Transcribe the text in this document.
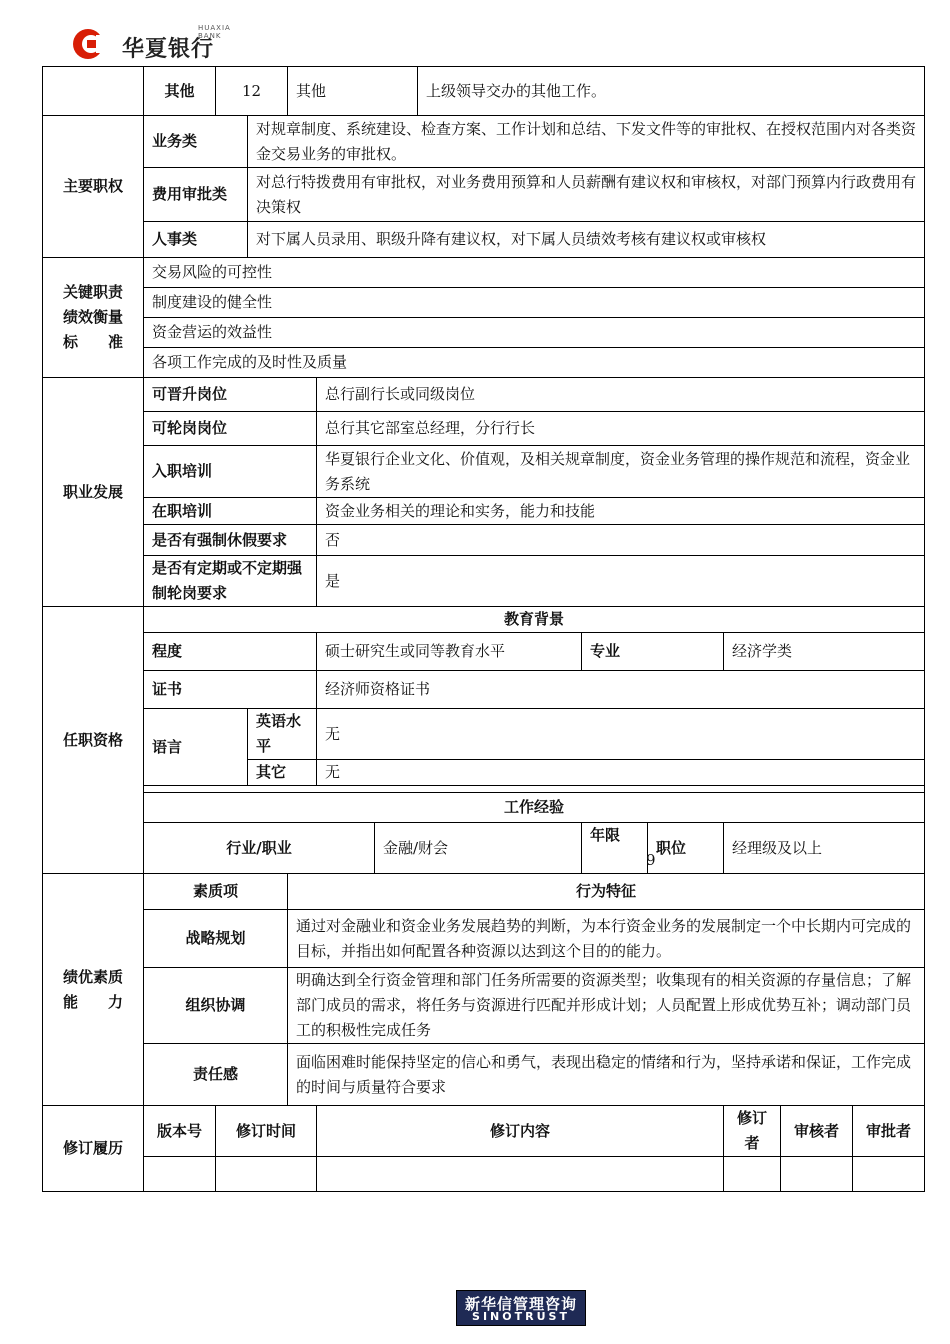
HUAXIA BANK
华夏银行
	其他	12		其他			上级领导交办的其他工作。					
主要职权	业务类		对规章制度、系统建设、检查方案、工作计划和总结、下发文件等的审批权、在授权范围内对各类资金交易业务的审批权。									
	费用审批类		对总行特拨费用有审批权，对业务费用预算和人员薪酬有建议权和审核权，对部门预算内行政费用有决策权									
	人事类		对下属人员录用、职级升降有建议权，对下属人员绩效考核有建议权或审核权									

关键职责
绩效衡量
标　　准	交易风险的可控性											
	制度建设的健全性											
	资金营运的效益性											
	各项工作完成的及时性及质量											
职业发展	可晋升岗位				总行副行长或同级岗位							
	可轮岗岗位				总行其它部室总经理，分行行长							
	入职培训				华夏银行企业文化、价值观，及相关规章制度，资金业务管理的操作规范和流程，资金业务系统							
	在职培训				资金业务相关的理论和实务，能力和技能							
	是否有强制休假要求				否							
	是否有定期或不定期强制轮岗要求				是							
任职资格	教育背景											
	程度				硕士研究生或同等教育水平			专业		经济学类		
	证书				经济师资格证书							
	语言		英语水平		无							
			其它		无							

	工作经验											
	行业/职业					金融/财会		年限 9	职位	经理级及以上		

绩优素质
能　　力	素质项			行为特征								
	战略规划			通过对金融业和资金业务发展趋势的判断，为本行资金业务的发展制定一个中长期内可完成的目标，并指出如何配置各种资源以达到这个目的的能力。								
	组织协调			明确达到全行资金管理和部门任务所需要的资源类型；收集现有的相关资源的存量信息；了解部门成员的需求，将任务与资源进行匹配并形成计划；人员配置上形成优势互补；调动部门员工的积极性完成任务								
	责任感			面临困难时能保持坚定的信心和勇气，表现出稳定的情绪和行为，坚持承诺和保证，工作完成的时间与质量符合要求								
修订履历	版本号	修订时间			修订内容					修订者	审核者	审批者

新华信管理咨询
SINOTRUST
